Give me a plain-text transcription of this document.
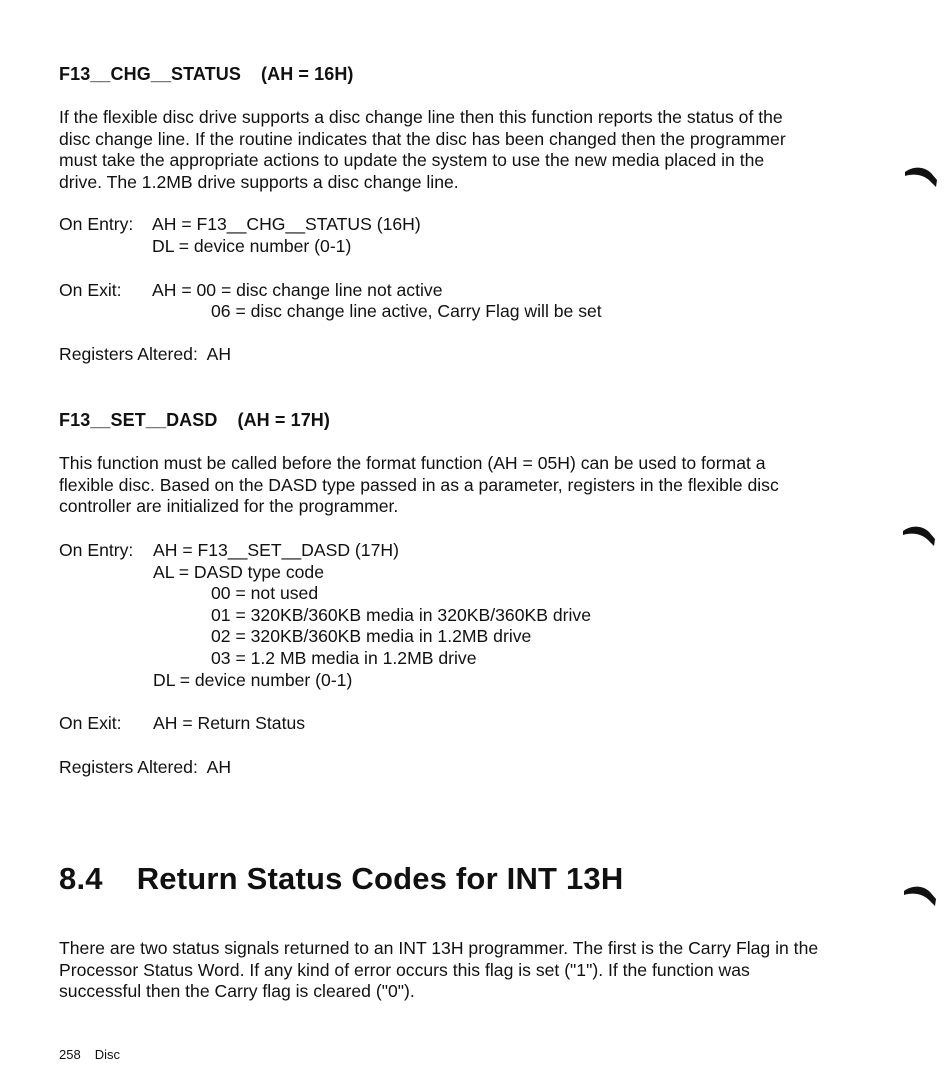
F13__CHG__STATUS (AH = 16H)
If the flexible disc drive supports a disc change line then this function reports the status of the
disc change line. If the routine indicates that the disc has been changed then the programmer
must take the appropriate actions to update the system to use the new media placed in the
drive. The 1.2MB drive supports a disc change line.
On Entry: AH = F13__CHG__STATUS (16H)
DL = device number (0-1)
On Exit: AH = 00 = disc change line not active
06 = disc change line active, Carry Flag will be set
Registers Altered:  AH
F13__SET__DASD (AH = 17H)
This function must be called before the format function (AH = 05H) can be used to format a
flexible disc. Based on the DASD type passed in as a parameter, registers in the flexible disc
controller are initialized for the programmer.
On Entry: AH = F13__SET__DASD (17H)
AL = DASD type code
00 = not used
01 = 320KB/360KB media in 320KB/360KB drive
02 = 320KB/360KB media in 1.2MB drive
03 = 1.2 MB media in 1.2MB drive
DL = device number (0-1)
On Exit: AH = Return Status
Registers Altered:  AH
8.4 Return Status Codes for INT 13H
There are two status signals returned to an INT 13H programmer. The first is the Carry Flag in the
Processor Status Word. If any kind of error occurs this flag is set ("1"). If the function was
successful then the Carry flag is cleared ("0").
258 Disc
